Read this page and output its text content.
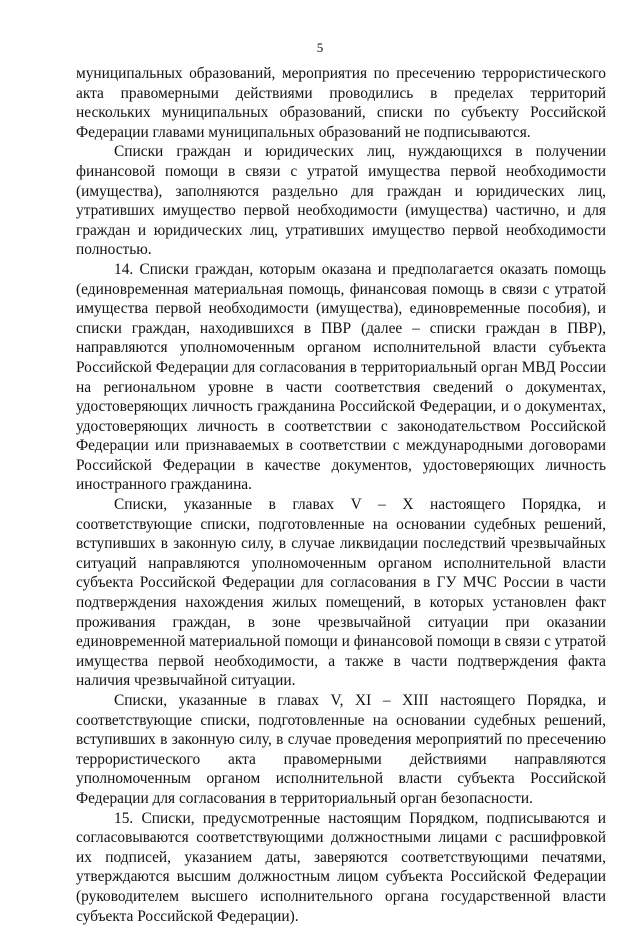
5

муниципальных образований, мероприятия по пресечению террористического акта правомерными действиями проводились в пределах территорий нескольких муниципальных образований, списки по субъекту Российской Федерации главами муниципальных образований не подписываются.

Списки граждан и юридических лиц, нуждающихся в получении финансовой помощи в связи с утратой имущества первой необходимости (имущества), заполняются раздельно для граждан и юридических лиц, утративших имущество первой необходимости (имущества) частично, и для граждан и юридических лиц, утративших имущество первой необходимости полностью.

14. Списки граждан, которым оказана и предполагается оказать помощь (единовременная материальная помощь, финансовая помощь в связи с утратой имущества первой необходимости (имущества), единовременные пособия), и списки граждан, находившихся в ПВР (далее – списки граждан в ПВР), направляются уполномоченным органом исполнительной власти субъекта Российской Федерации для согласования в территориальный орган МВД России на региональном уровне в части соответствия сведений о документах, удостоверяющих личность гражданина Российской Федерации, и о документах, удостоверяющих личность в соответствии с законодательством Российской Федерации или признаваемых в соответствии с международными договорами Российской Федерации в качестве документов, удостоверяющих личность иностранного гражданина.

Списки, указанные в главах V – X настоящего Порядка, и соответствующие списки, подготовленные на основании судебных решений, вступивших в законную силу, в случае ликвидации последствий чрезвычайных ситуаций направляются уполномоченным органом исполнительной власти субъекта Российской Федерации для согласования в ГУ МЧС России в части подтверждения нахождения жилых помещений, в которых установлен факт проживания граждан, в зоне чрезвычайной ситуации при оказании единовременной материальной помощи и финансовой помощи в связи с утратой имущества первой необходимости, а также в части подтверждения факта наличия чрезвычайной ситуации.

Списки, указанные в главах V, XI – XIII настоящего Порядка, и соответствующие списки, подготовленные на основании судебных решений, вступивших в законную силу, в случае проведения мероприятий по пресечению террористического акта правомерными действиями направляются уполномоченным органом исполнительной власти субъекта Российской Федерации для согласования в территориальный орган безопасности.

15. Списки, предусмотренные настоящим Порядком, подписываются и согласовываются соответствующими должностными лицами с расшифровкой их подписей, указанием даты, заверяются соответствующими печатями, утверждаются высшим должностным лицом субъекта Российской Федерации (руководителем высшего исполнительного органа государственной власти субъекта Российской Федерации).
